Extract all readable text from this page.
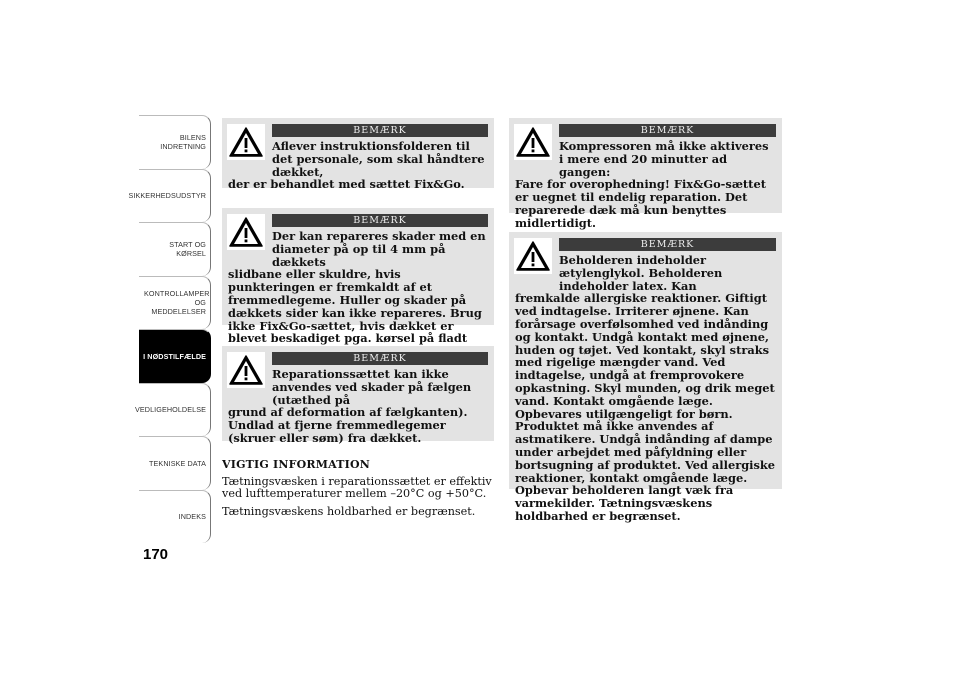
BILENS INDRETNING
SIKKERHEDSUDSTYR
START OG KØRSEL
KONTROLLAMPER OG MEDDELELSER
I NØDSTILFÆLDE
VEDLIGEHOLDELSE
TEKNISKE DATA
INDEKS
170
BEMÆRK
Aflever instruktionsfolderen til det personale, som skal håndtere dækket,
der er behandlet med sættet Fix&Go.
BEMÆRK
Der kan repareres skader med en diameter på op til 4 mm på dækkets
slidbane eller skuldre, hvis punkteringen er fremkaldt af et fremmedlegeme. Huller og skader på dækkets sider kan ikke repareres. Brug ikke Fix&Go-sættet, hvis dækket er blevet beskadiget pga. kørsel på fladt
BEMÆRK
Reparationssættet kan ikke anvendes ved skader på fælgen (utæthed på
grund af deformation af fælgkanten). Undlad at fjerne fremmedlegemer (skruer eller søm) fra dækket.
VIGTIG INFORMATION

Tætningsvæsken i reparationssættet er effektiv ved lufttemperaturer mellem –20°C og +50°C.

Tætningsvæskens holdbarhed er begrænset.

BEMÆRK
Kompressoren må ikke aktiveres i mere end 20 minutter ad gangen:
Fare for overophedning! Fix&Go-sættet er uegnet til endelig reparation. Det reparerede dæk må kun benyttes midlertidigt.
BEMÆRK
Beholderen indeholder ætylenglykol. Beholderen indeholder latex. Kan
fremkalde allergiske reaktioner. Giftigt ved indtagelse. Irriterer øjnene. Kan forårsage overfølsomhed ved indånding og kontakt. Undgå kontakt med øjnene, huden og tøjet. Ved kontakt, skyl straks med rigelige mængder vand. Ved indtagelse, undgå at fremprovokere opkastning. Skyl munden, og drik meget vand. Kontakt omgående læge. Opbevares utilgængeligt for børn. Produktet må ikke anvendes af astmatikere. Undgå indånding af dampe under arbejdet med påfyldning eller bortsugning af produktet. Ved allergiske reaktioner, kontakt omgående læge. Opbevar beholderen langt væk fra varmekilder. Tætningsvæskens holdbarhed er begrænset.
